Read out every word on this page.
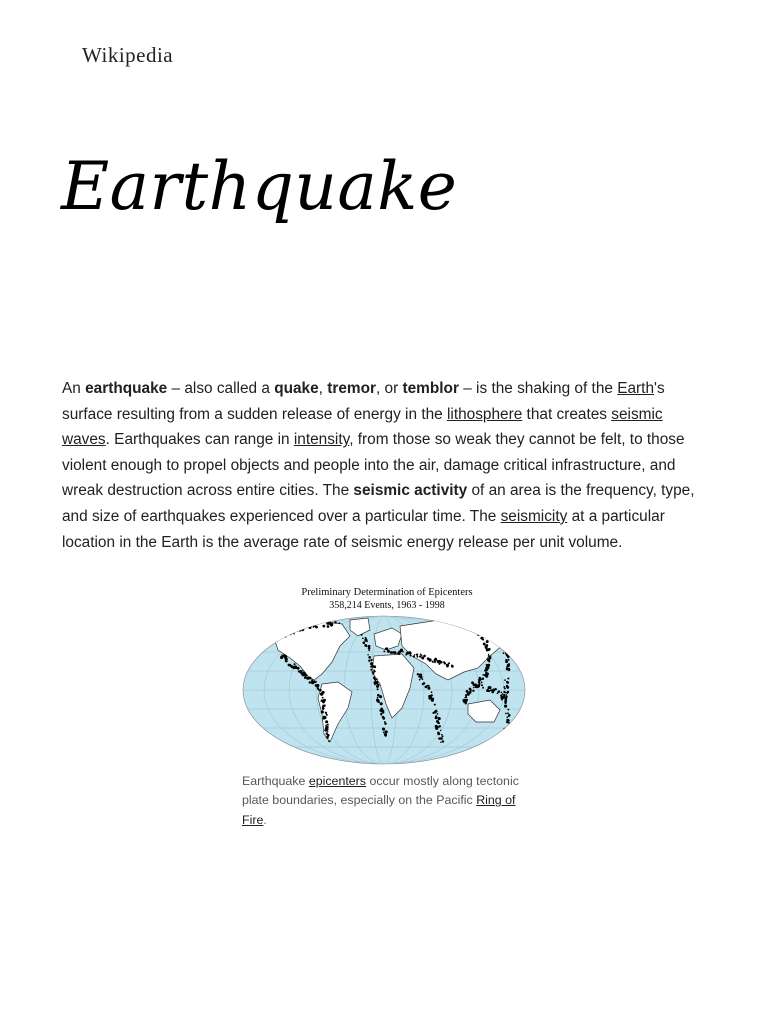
Wikipedia
Earthquake

An earthquake – also called a quake, tremor, or temblor – is the shaking of the Earth's surface resulting from a sudden release of energy in the lithosphere that creates seismic waves. Earthquakes can range in intensity, from those so weak they cannot be felt, to those violent enough to propel objects and people into the air, damage critical infrastructure, and wreak destruction across entire cities. The seismic activity of an area is the frequency, type, and size of earthquakes experienced over a particular time. The seismicity at a particular location in the Earth is the average rate of seismic energy release per unit volume.

Preliminary Determination of Epicenters
358,214 Events, 1963 - 1998

Earthquake epicenters occur mostly along tectonic plate boundaries, especially on the Pacific Ring of Fire.
